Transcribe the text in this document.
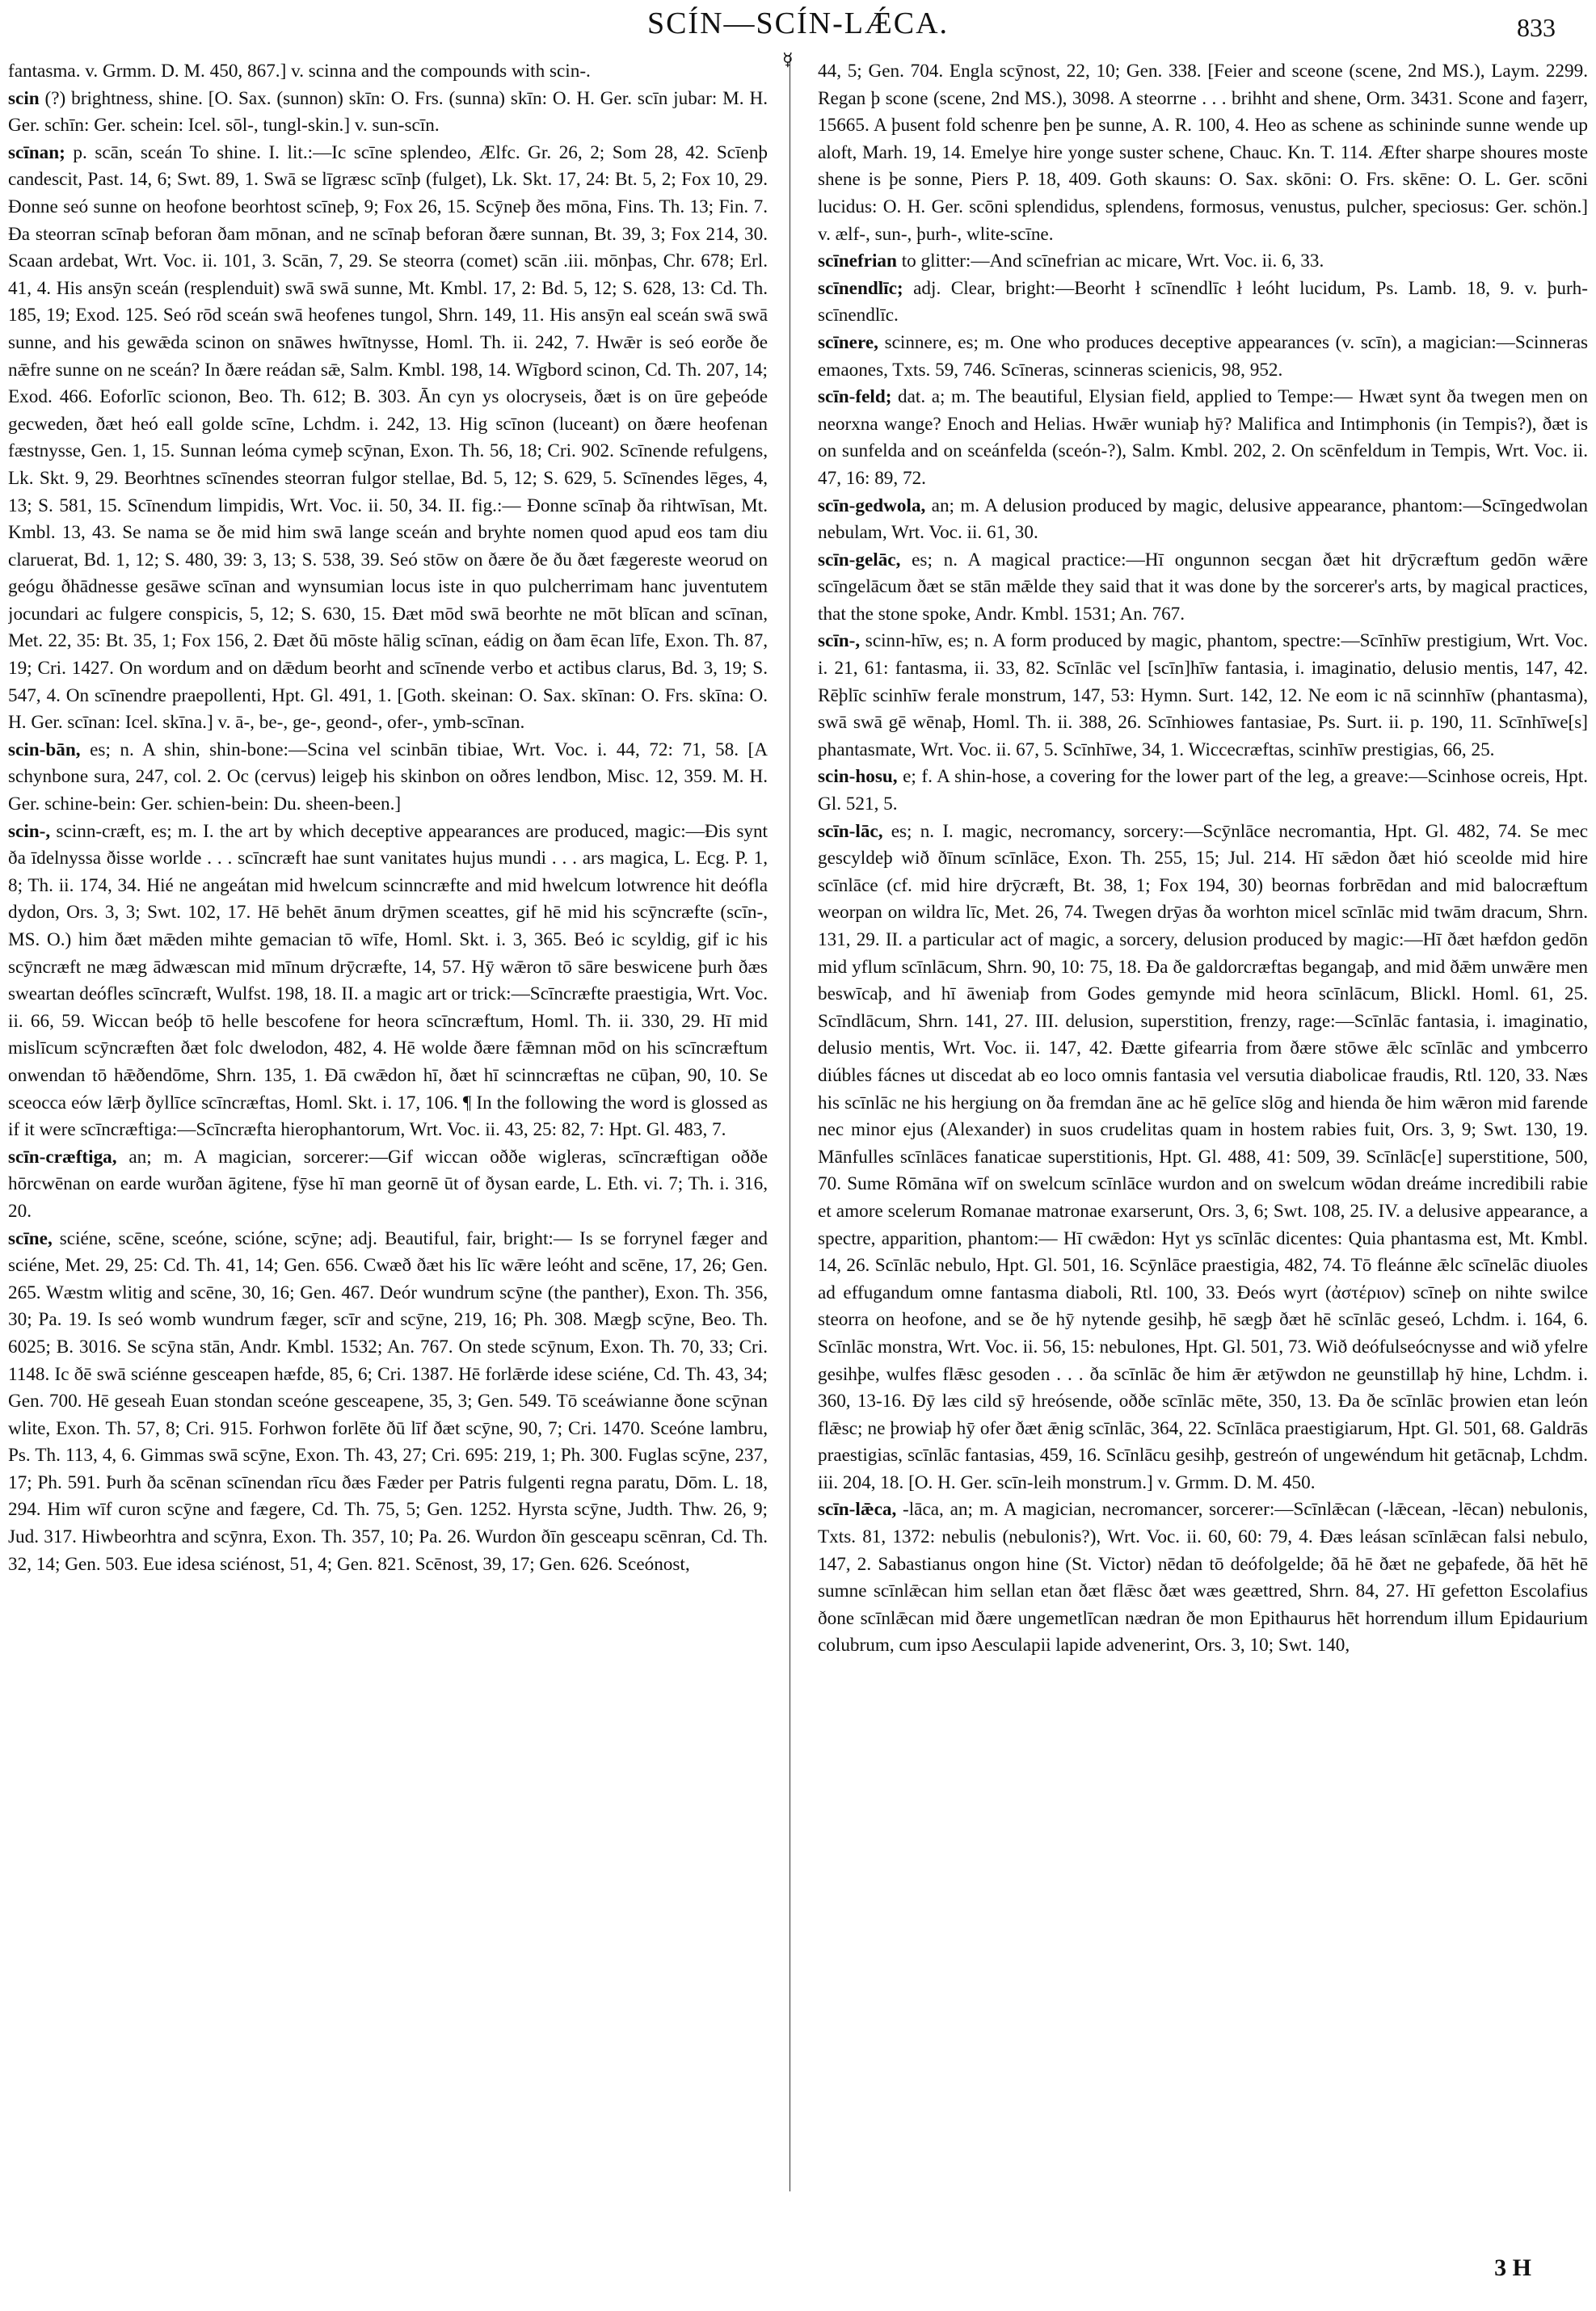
SCÍN—SCÍN-LǼCA.	833

fantasma. v. Grmm. D. M. 450, 867.] v. scinna and the compounds with scin-.

scin (?) brightness, shine. [O. Sax. (sunnon) skīn: O. Frs. (sunna) skīn: O. H. Ger. scīn jubar: M. H. Ger. schīn: Ger. schein: Icel. sōl-, tungl-skin.] v. sun-scīn.

scīnan; p. scān, sceán To shine. I. lit.:—Ic scīne splendeo, Ælfc. Gr. 26, 2; Som 28, 42. Scīenþ candescit, Past. 14, 6; Swt. 89, 1. Swā se līgræsc scīnþ (fulget), Lk. Skt. 17, 24: Bt. 5, 2; Fox 10, 29. Ðonne seó sunne on heofone beorhtost scīneþ, 9; Fox 26, 15. Scȳneþ ðes mōna, Fins. Th. 13; Fin. 7. Ða steorran scīnaþ beforan ðam mōnan, and ne scīnaþ beforan ðære sunnan, Bt. 39, 3; Fox 214, 30. Scaan ardebat, Wrt. Voc. ii. 101, 3. Scān, 7, 29. Se steorra (comet) scān .iii. mōnþas, Chr. 678; Erl. 41, 4. His ansȳn sceán (resplenduit) swā swā sunne, Mt. Kmbl. 17, 2: Bd. 5, 12; S. 628, 13: Cd. Th. 185, 19; Exod. 125. Seó rōd sceán swā heofenes tungol, Shrn. 149, 11. His ansȳn eal sceán swā swā sunne, and his gewǣda scinon on snāwes hwītnysse, Homl. Th. ii. 242, 7. Hwǣr is seó eorðe ðe nǣfre sunne on ne sceán? In ðære reádan sǣ, Salm. Kmbl. 198, 14. Wīgbord scinon, Cd. Th. 207, 14; Exod. 466. Eoforlīc scionon, Beo. Th. 612; B. 303. Ān cyn ys olocryseis, ðæt is on ūre geþeóde gecweden, ðæt heó eall golde scīne, Lchdm. i. 242, 13. Hig scīnon (luceant) on ðære heofenan fæstnysse, Gen. 1, 15. Sunnan leóma cymeþ scȳnan, Exon. Th. 56, 18; Cri. 902. Scīnende refulgens, Lk. Skt. 9, 29. Beorhtnes scīnendes steorran fulgor stellae, Bd. 5, 12; S. 629, 5. Scīnendes lēges, 4, 13; S. 581, 15. Scīnendum limpidis, Wrt. Voc. ii. 50, 34. II. fig.:— Ðonne scīnaþ ða rihtwīsan, Mt. Kmbl. 13, 43. Se nama se ðe mid him swā lange sceán and bryhte nomen quod apud eos tam diu claruerat, Bd. 1, 12; S. 480, 39: 3, 13; S. 538, 39. Seó stōw on ðære ðe ðu ðæt fægereste weorud on geógu ðhādnesse gesāwe scīnan and wynsumian locus iste in quo pulcherrimam hanc juventutem jocundari ac fulgere conspicis, 5, 12; S. 630, 15. Ðæt mōd swā beorhte ne mōt blīcan and scīnan, Met. 22, 35: Bt. 35, 1; Fox 156, 2. Ðæt ðū mōste hālig scīnan, eádig on ðam ēcan līfe, Exon. Th. 87, 19; Cri. 1427. On wordum and on dǣdum beorht and scīnende verbo et actibus clarus, Bd. 3, 19; S. 547, 4. On scīnendre praepollenti, Hpt. Gl. 491, 1. [Goth. skeinan: O. Sax. skīnan: O. Frs. skīna: O. H. Ger. scīnan: Icel. skīna.] v. ā-, be-, ge-, geond-, ofer-, ymb-scīnan.

scin-bān, es; n. A shin, shin-bone:—Scina vel scinbān tibiae, Wrt. Voc. i. 44, 72: 71, 58. [A schynbone sura, 247, col. 2. Oc (cervus) leigeþ his skinbon on oðres lendbon, Misc. 12, 359. M. H. Ger. schine-bein: Ger. schien-bein: Du. sheen-been.]

scin-, scinn-cræft, es; m. I. the art by which deceptive appearances are produced, magic:—Ðis synt ða īdelnyssa ðisse worlde . . . scīncræft hae sunt vanitates hujus mundi . . . ars magica, L. Ecg. P. 1, 8; Th. ii. 174, 34. Hié ne angeátan mid hwelcum scinncræfte and mid hwelcum lotwrence hit deófla dydon, Ors. 3, 3; Swt. 102, 17. Hē behēt ānum drȳmen sceattes, gif hē mid his scȳncræfte (scīn-, MS. O.) him ðæt mǣden mihte gemacian tō wīfe, Homl. Skt. i. 3, 365. Beó ic scyldig, gif ic his scȳncræft ne mæg ādwæscan mid mīnum drȳcræfte, 14, 57. Hȳ wǣron tō sāre beswicene þurh ðæs sweartan deófles scīncræft, Wulfst. 198, 18. II. a magic art or trick:—Scīncræfte praestigia, Wrt. Voc. ii. 66, 59. Wiccan beóþ tō helle bescofene for heora scīncræftum, Homl. Th. ii. 330, 29. Hī mid mislīcum scȳncræften ðæt folc dwelodon, 482, 4. Hē wolde ðære fǣmnan mōd on his scīncræftum onwendan tō hǣðendōme, Shrn. 135, 1. Ðā cwǣdon hī, ðæt hī scinncræftas ne cūþan, 90, 10. Se sceocca eów lǣrþ ðyllīce scīncræftas, Homl. Skt. i. 17, 106. ¶ In the following the word is glossed as if it were scīncræftiga:—Scīncræfta hierophantorum, Wrt. Voc. ii. 43, 25: 82, 7: Hpt. Gl. 483, 7.

scīn-cræftiga, an; m. A magician, sorcerer:—Gif wiccan oððe wigleras, scīncræftigan oððe hōrcwēnan on earde wurðan āgitene, fȳse hī man geornē ūt of ðysan earde, L. Eth. vi. 7; Th. i. 316, 20.

scīne, sciéne, scēne, sceóne, scióne, scȳne; adj. Beautiful, fair, bright:— Is se forrynel fæger and sciéne, Met. 29, 25: Cd. Th. 41, 14; Gen. 656. Cwæð ðæt his līc wǣre leóht and scēne, 17, 26; Gen. 265. Wæstm wlitig and scēne, 30, 16; Gen. 467. Deór wundrum scȳne (the panther), Exon. Th. 356, 30; Pa. 19. Is seó womb wundrum fæger, scīr and scȳne, 219, 16; Ph. 308. Mægþ scȳne, Beo. Th. 6025; B. 3016. Se scȳna stān, Andr. Kmbl. 1532; An. 767. On stede scȳnum, Exon. Th. 70, 33; Cri. 1148. Ic ðē swā sciénne gesceapen hæfde, 85, 6; Cri. 1387. Hē forlǣrde idese sciéne, Cd. Th. 43, 34; Gen. 700. Hē geseah Euan stondan sceóne gesceapene, 35, 3; Gen. 549. Tō sceáwianne ðone scȳnan wlite, Exon. Th. 57, 8; Cri. 915. Forhwon forlēte ðū līf ðæt scȳne, 90, 7; Cri. 1470. Sceóne lambru, Ps. Th. 113, 4, 6. Gimmas swā scȳne, Exon. Th. 43, 27; Cri. 695: 219, 1; Ph. 300. Fuglas scȳne, 237, 17; Ph. 591. Þurh ða scēnan scīnendan rīcu ðæs Fæder per Patris fulgenti regna paratu, Dōm. L. 18, 294. Him wīf curon scȳne and fægere, Cd. Th. 75, 5; Gen. 1252. Hyrsta scȳne, Judth. Thw. 26, 9; Jud. 317. Hiwbeorhtra and scȳnra, Exon. Th. 357, 10; Pa. 26. Wurdon ðīn gesceapu scēnran, Cd. Th. 32, 14; Gen. 503. Eue idesa sciénost, 51, 4; Gen. 821. Scēnost, 39, 17; Gen. 626. Sceónost,

☿

44, 5; Gen. 704. Engla scȳnost, 22, 10; Gen. 338. [Feier and sceone (scene, 2nd MS.), Laym. 2299. Regan þ scone (scene, 2nd MS.), 3098. A steorrne . . . brihht and shene, Orm. 3431. Scone and faȝerr, 15665. A þusent fold schenre þen þe sunne, A. R. 100, 4. Heo as schene as schininde sunne wende up aloft, Marh. 19, 14. Emelye hire yonge suster schene, Chauc. Kn. T. 114. Æfter sharpe shoures moste shene is þe sonne, Piers P. 18, 409. Goth skauns: O. Sax. skōni: O. Frs. skēne: O. L. Ger. scōni lucidus: O. H. Ger. scōni splendidus, splendens, formosus, venustus, pulcher, speciosus: Ger. schön.] v. ælf-, sun-, þurh-, wlite-scīne.

scīnefrian to glitter:—And scīnefrian ac micare, Wrt. Voc. ii. 6, 33.

scīnendlīc; adj. Clear, bright:—Beorht ł scīnendlīc ł leóht lucidum, Ps. Lamb. 18, 9. v. þurh-scīnendlīc.

scīnere, scinnere, es; m. One who produces deceptive appearances (v. scīn), a magician:—Scinneras emaones, Txts. 59, 746. Scīneras, scinneras scienicis, 98, 952.

scīn-feld; dat. a; m. The beautiful, Elysian field, applied to Tempe:— Hwæt synt ða twegen men on neorxna wange? Enoch and Helias. Hwǣr wuniaþ hȳ? Malifica and Intimphonis (in Tempis?), ðæt is on sunfelda and on sceánfelda (sceón-?), Salm. Kmbl. 202, 2. On scēnfeldum in Tempis, Wrt. Voc. ii. 47, 16: 89, 72.

scīn-gedwola, an; m. A delusion produced by magic, delusive appearance, phantom:—Scīngedwolan nebulam, Wrt. Voc. ii. 61, 30.

scīn-gelāc, es; n. A magical practice:—Hī ongunnon secgan ðæt hit drȳcræftum gedōn wǣre scīngelācum ðæt se stān mǣlde they said that it was done by the sorcerer's arts, by magical practices, that the stone spoke, Andr. Kmbl. 1531; An. 767.

scīn-, scinn-hīw, es; n. A form produced by magic, phantom, spectre:—Scīnhīw prestigium, Wrt. Voc. i. 21, 61: fantasma, ii. 33, 82. Scīnlāc vel [scīn]hīw fantasia, i. imaginatio, delusio mentis, 147, 42. Rēþlīc scinhīw ferale monstrum, 147, 53: Hymn. Surt. 142, 12. Ne eom ic nā scinnhīw (phantasma), swā swā gē wēnaþ, Homl. Th. ii. 388, 26. Scīnhiowes fantasiae, Ps. Surt. ii. p. 190, 11. Scīnhīwe[s] phantasmate, Wrt. Voc. ii. 67, 5. Scīnhīwe, 34, 1. Wiccecræftas, scinhīw prestigias, 66, 25.

scin-hosu, e; f. A shin-hose, a covering for the lower part of the leg, a greave:—Scinhose ocreis, Hpt. Gl. 521, 5.

scīn-lāc, es; n. I. magic, necromancy, sorcery:—Scȳnlāce necromantia, Hpt. Gl. 482, 74. Se mec gescyldeþ wið ðīnum scīnlāce, Exon. Th. 255, 15; Jul. 214. Hī sǣdon ðæt hió sceolde mid hire scīnlāce (cf. mid hire drȳcræft, Bt. 38, 1; Fox 194, 30) beornas forbrēdan and mid balocræftum weorpan on wildra līc, Met. 26, 74. Twegen drȳas ða worhton micel scīnlāc mid twām dracum, Shrn. 131, 29. II. a particular act of magic, a sorcery, delusion produced by magic:—Hī ðæt hæfdon gedōn mid yflum scīnlācum, Shrn. 90, 10: 75, 18. Ða ðe galdorcræftas begangaþ, and mid ðǣm unwǣre men beswīcaþ, and hī āweniaþ from Godes gemynde mid heora scīnlācum, Blickl. Homl. 61, 25. Scīndlācum, Shrn. 141, 27. III. delusion, superstition, frenzy, rage:—Scīnlāc fantasia, i. imaginatio, delusio mentis, Wrt. Voc. ii. 147, 42. Ðætte gifearria from ðære stōwe ǣlc scīnlāc and ymbcerro diúbles fácnes ut discedat ab eo loco omnis fantasia vel versutia diabolicae fraudis, Rtl. 120, 33. Næs his scīnlāc ne his hergiung on ða fremdan āne ac hē gelīce slōg and hienda ðe him wǣron mid farende nec minor ejus (Alexander) in suos crudelitas quam in hostem rabies fuit, Ors. 3, 9; Swt. 130, 19. Mānfulles scīnlāces fanaticae superstitionis, Hpt. Gl. 488, 41: 509, 39. Scīnlāc[e] superstitione, 500, 70. Sume Rōmāna wīf on swelcum scīnlāce wurdon and on swelcum wōdan dreáme incredibili rabie et amore scelerum Romanae matronae exarserunt, Ors. 3, 6; Swt. 108, 25. IV. a delusive appearance, a spectre, apparition, phantom:— Hī cwǣdon: Hyt ys scīnlāc dicentes: Quia phantasma est, Mt. Kmbl. 14, 26. Scīnlāc nebulo, Hpt. Gl. 501, 16. Scȳnlāce praestigia, 482, 74. Tō fleánne ǣlc scīnelāc diuoles ad effugandum omne fantasma diaboli, Rtl. 100, 33. Ðeós wyrt (ἀστέριον) scīneþ on nihte swilce steorra on heofone, and se ðe hȳ nytende gesihþ, hē sægþ ðæt hē scīnlāc geseó, Lchdm. i. 164, 6. Scīnlāc monstra, Wrt. Voc. ii. 56, 15: nebulones, Hpt. Gl. 501, 73. Wið deófulseócnysse and wið yfelre gesihþe, wulfes flǣsc gesoden . . . ða scīnlāc ðe him ǣr ætȳwdon ne geunstillaþ hȳ hine, Lchdm. i. 360, 13-16. Ðȳ læs cild sȳ hreósende, oððe scīnlāc mēte, 350, 13. Ða ðe scīnlāc þrowien etan león flǣsc; ne þrowiaþ hȳ ofer ðæt ǣnig scīnlāc, 364, 22. Scīnlāca praestigiarum, Hpt. Gl. 501, 68. Galdrās praestigias, scīnlāc fantasias, 459, 16. Scīnlācu gesihþ, gestreón of ungewéndum hit getācnaþ, Lchdm. iii. 204, 18. [O. H. Ger. scīn-leih monstrum.] v. Grmm. D. M. 450.

scīn-lǣca, -lāca, an; m. A magician, necromancer, sorcerer:—Scīnlǣcan (-lǣcean, -lēcan) nebulonis, Txts. 81, 1372: nebulis (nebulonis?), Wrt. Voc. ii. 60, 60: 79, 4. Ðæs leásan scīnlǣcan falsi nebulo, 147, 2. Sabastianus ongon hine (St. Victor) nēdan tō deófolgelde; ðā hē ðæt ne geþafede, ðā hēt hē sumne scīnlǣcan him sellan etan ðæt flǣsc ðæt wæs geættred, Shrn. 84, 27. Hī gefetton Escolafius ðone scīnlǣcan mid ðære ungemetlīcan nædran ðe mon Epithaurus hēt horrendum illum Epidaurium colubrum, cum ipso Aesculapii lapide advenerint, Ors. 3, 10; Swt. 140,

3 H
